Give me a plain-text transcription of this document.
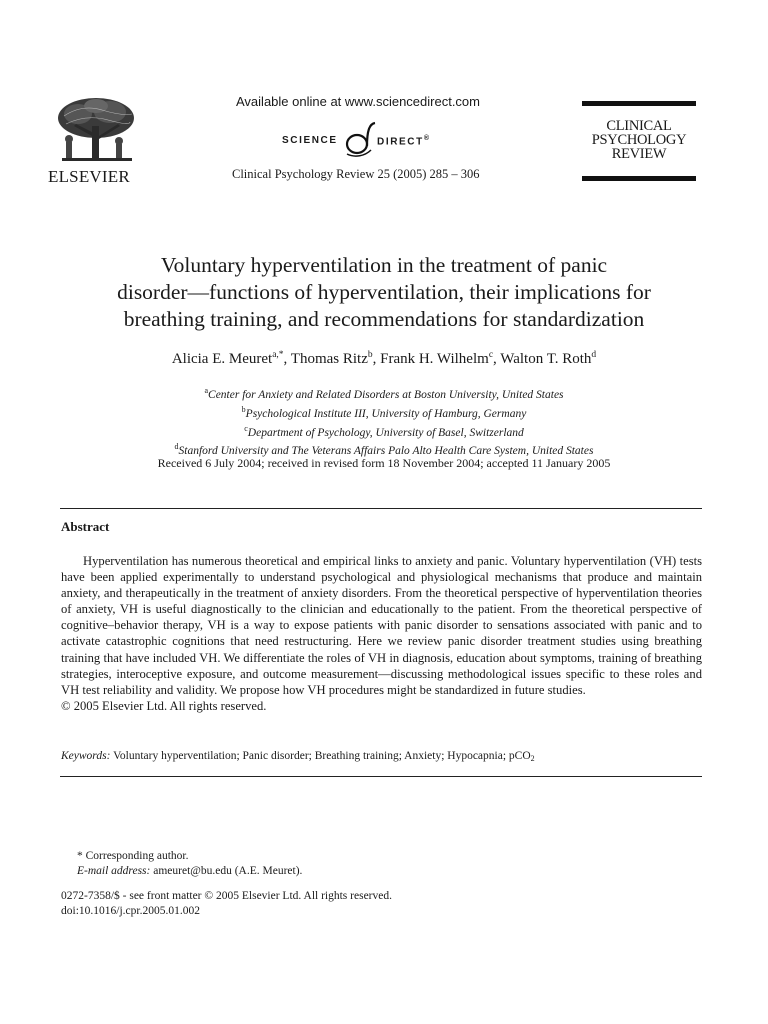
ELSEVIER
Available online at www.sciencedirect.com
SCIENCE	DIRECT®
Clinical Psychology Review 25 (2005) 285 – 306
CLINICAL
PSYCHOLOGY
REVIEW
Voluntary hyperventilation in the treatment of panic
disorder—functions of hyperventilation, their implications for
breathing training, and recommendations for standardization
Alicia E. Meuret$^{a,*}$, Thomas Ritz$^b$, Frank H. Wilhelm$^c$, Walton T. Roth$^d$
$^a$Center for Anxiety and Related Disorders at Boston University, United States
$^b$Psychological Institute III, University of Hamburg, Germany
$^c$Department of Psychology, University of Basel, Switzerland
$^d$Stanford University and The Veterans Affairs Palo Alto Health Care System, United States
Received 6 July 2004; received in revised form 18 November 2004; accepted 11 January 2005
Abstract

Hyperventilation has numerous theoretical and empirical links to anxiety and panic. Voluntary hyperventilation (VH) tests have been applied experimentally to understand psychological and physiological mechanisms that produce and maintain anxiety, and therapeutically in the treatment of anxiety disorders. From the theoretical perspective of hyperventilation theories of anxiety, VH is useful diagnostically to the clinician and educationally to the patient. From the theoretical perspective of cognitive–behavior therapy, VH is a way to expose patients with panic disorder to sensations associated with panic and to activate catastrophic cognitions that need restructuring. Here we review panic disorder treatment studies using breathing training that have included VH. We differentiate the roles of VH in diagnosis, education about symptoms, training of breathing strategies, interoceptive exposure, and outcome measurement—discussing methodological issues specific to these roles and VH test reliability and validity. We propose how VH procedures might be standardized in future studies.

© 2005 Elsevier Ltd. All rights reserved.

Keywords: Voluntary hyperventilation; Panic disorder; Breathing training; Anxiety; Hypocapnia; pCO$_2$
* Corresponding author.
E-mail address: ameuret@bu.edu (A.E. Meuret).
0272-7358/$ - see front matter © 2005 Elsevier Ltd. All rights reserved.
doi:10.1016/j.cpr.2005.01.002
